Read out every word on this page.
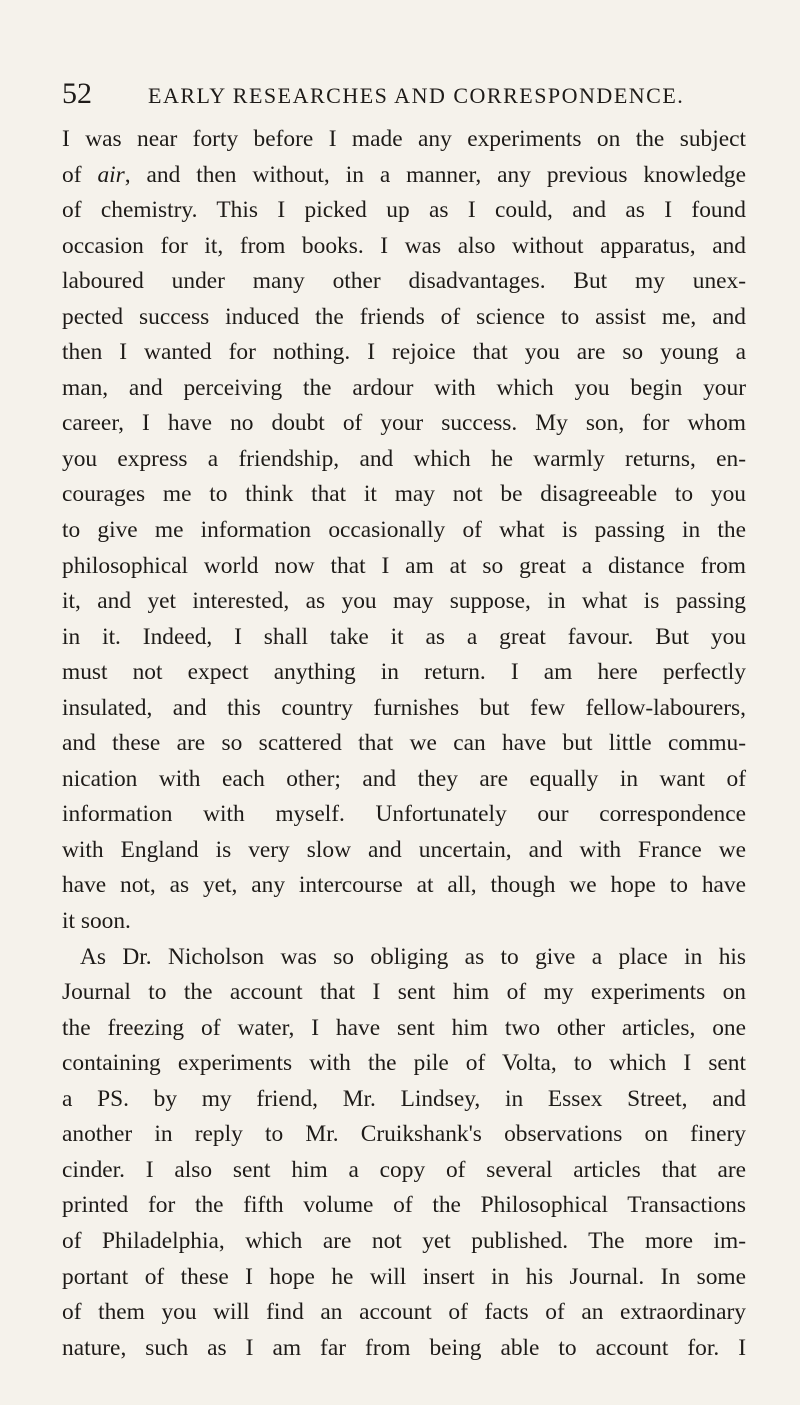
52	EARLY RESEARCHES AND CORRESPONDENCE.
I was near forty before I made any experiments on the subject
of air, and then without, in a manner, any previous knowledge
of chemistry. This I picked up as I could, and as I found
occasion for it, from books. I was also without apparatus, and
laboured under many other disadvantages. But my unex-
pected success induced the friends of science to assist me, and
then I wanted for nothing. I rejoice that you are so young a
man, and perceiving the ardour with which you begin your
career, I have no doubt of your success. My son, for whom
you express a friendship, and which he warmly returns, en-
courages me to think that it may not be disagreeable to you
to give me information occasionally of what is passing in the
philosophical world now that I am at so great a distance from
it, and yet interested, as you may suppose, in what is passing
in it. Indeed, I shall take it as a great favour. But you
must not expect anything in return. I am here perfectly
insulated, and this country furnishes but few fellow-labourers,
and these are so scattered that we can have but little commu-
nication with each other; and they are equally in want of
information with myself. Unfortunately our correspondence
with England is very slow and uncertain, and with France we
have not, as yet, any intercourse at all, though we hope to have
it soon.
As Dr. Nicholson was so obliging as to give a place in his
Journal to the account that I sent him of my experiments on
the freezing of water, I have sent him two other articles, one
containing experiments with the pile of Volta, to which I sent
a PS. by my friend, Mr. Lindsey, in Essex Street, and
another in reply to Mr. Cruikshank's observations on finery
cinder. I also sent him a copy of several articles that are
printed for the fifth volume of the Philosophical Transactions
of Philadelphia, which are not yet published. The more im-
portant of these I hope he will insert in his Journal. In some
of them you will find an account of facts of an extraordinary
nature, such as I am far from being able to account for. I
